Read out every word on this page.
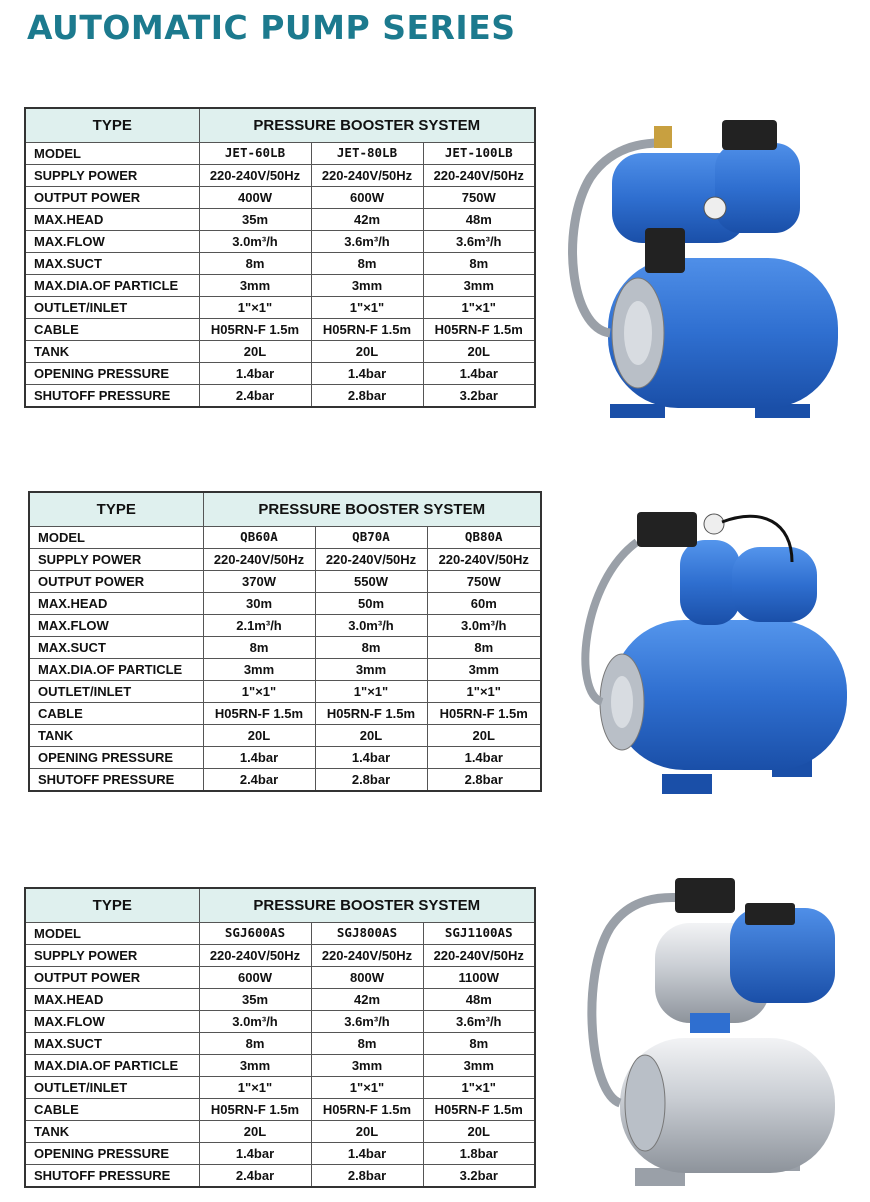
AUTOMATIC PUMP SERIES
TYPE	PRESSURE BOOSTER SYSTEM		
MODEL	JET-60LB	JET-80LB	JET-100LB
SUPPLY POWER	220-240V/50Hz	220-240V/50Hz	220-240V/50Hz
OUTPUT POWER	400W	600W	750W
MAX.HEAD	35m	42m	48m
MAX.FLOW	3.0m³/h	3.6m³/h	3.6m³/h
MAX.SUCT	8m	8m	8m
MAX.DIA.OF PARTICLE	3mm	3mm	3mm
OUTLET/INLET	1"×1"	1"×1"	1"×1"
CABLE	H05RN-F 1.5m	H05RN-F 1.5m	H05RN-F 1.5m
TANK	20L	20L	20L
OPENING PRESSURE	1.4bar	1.4bar	1.4bar
SHUTOFF PRESSURE	2.4bar	2.8bar	3.2bar
TYPE	PRESSURE BOOSTER SYSTEM		
MODEL	QB60A	QB70A	QB80A
SUPPLY POWER	220-240V/50Hz	220-240V/50Hz	220-240V/50Hz
OUTPUT POWER	370W	550W	750W
MAX.HEAD	30m	50m	60m
MAX.FLOW	2.1m³/h	3.0m³/h	3.0m³/h
MAX.SUCT	8m	8m	8m
MAX.DIA.OF PARTICLE	3mm	3mm	3mm
OUTLET/INLET	1"×1"	1"×1"	1"×1"
CABLE	H05RN-F 1.5m	H05RN-F 1.5m	H05RN-F 1.5m
TANK	20L	20L	20L
OPENING PRESSURE	1.4bar	1.4bar	1.4bar
SHUTOFF PRESSURE	2.4bar	2.8bar	2.8bar
TYPE	PRESSURE BOOSTER SYSTEM		
MODEL	SGJ600AS	SGJ800AS	SGJ1100AS
SUPPLY POWER	220-240V/50Hz	220-240V/50Hz	220-240V/50Hz
OUTPUT POWER	600W	800W	1100W
MAX.HEAD	35m	42m	48m
MAX.FLOW	3.0m³/h	3.6m³/h	3.6m³/h
MAX.SUCT	8m	8m	8m
MAX.DIA.OF PARTICLE	3mm	3mm	3mm
OUTLET/INLET	1"×1"	1"×1"	1"×1"
CABLE	H05RN-F 1.5m	H05RN-F 1.5m	H05RN-F 1.5m
TANK	20L	20L	20L
OPENING PRESSURE	1.4bar	1.4bar	1.8bar
SHUTOFF PRESSURE	2.4bar	2.8bar	3.2bar
